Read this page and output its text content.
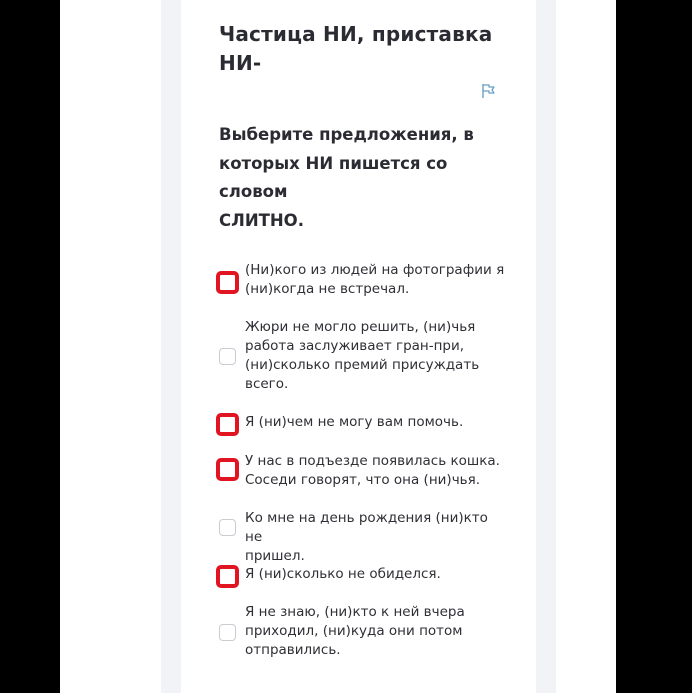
Частица НИ, приставка
НИ-
Выберите предложения, в
которых НИ пишется со словом
СЛИТНО.
(Ни)кого из людей на фотографии я
(ни)когда не встречал.
Жюри не могло решить, (ни)чья
работа заслуживает гран-при,
(ни)сколько премий присуждать
всего.
Я (ни)чем не могу вам помочь.
У нас в подъезде появилась кошка.
Соседи говорят, что она (ни)чья.
Ко мне на день рождения (ни)кто не
пришел.
Я (ни)сколько не обиделся.
Я не знаю, (ни)кто к ней вчера
приходил, (ни)куда они потом
отправились.
